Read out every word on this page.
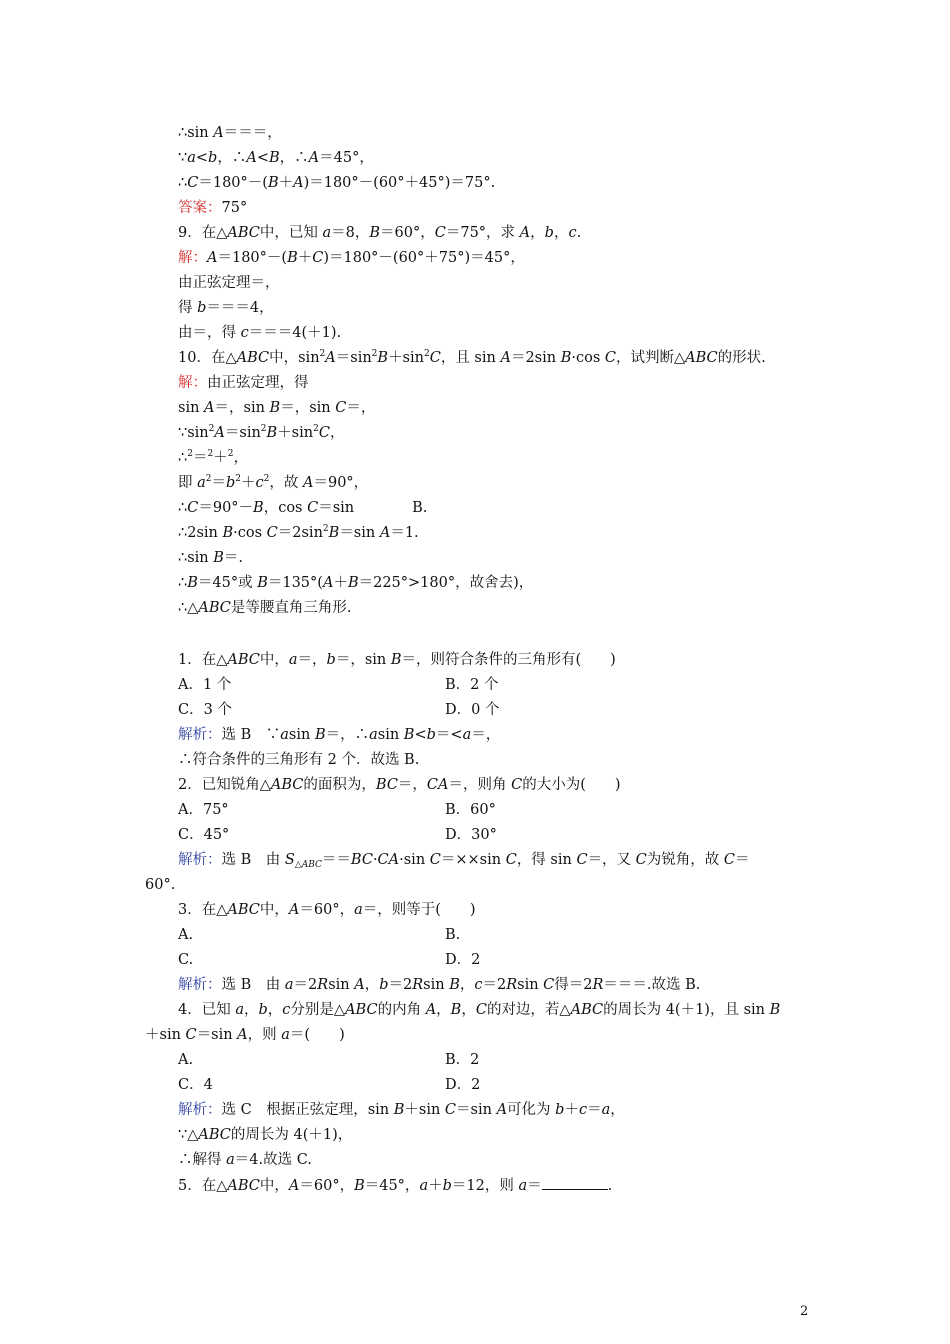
∴sin A＝＝＝，
∵a<b，∴A<B，∴A＝45°，
∴C＝180°－(B＋A)＝180°－(60°＋45°)＝75°.
答案：75°
9．在△ABC中，已知 a＝8，B＝60°，C＝75°，求 A，b，c.
解：A＝180°－(B＋C)＝180°－(60°＋75°)＝45°，
由正弦定理＝，
得 b＝＝＝4，
由＝，得 c＝＝＝4(＋1).
10．在△ABC中，$\sin^2A=\sin^2B+\sin^2C$，且 sin A＝2sin B·cos C，试判断△ABC的形状.
解：由正弦定理，得
sin A＝，sin B＝，sin C＝，
$\because\sin^2A=\sin^2B+\sin^2C$，
∴$^2$＝$^2$＋$^2$，
即 $a^2=b^2+c^2$，故 A＝90°，
∴C＝90°－B，cos C＝sin　　　　B.
∴2sin B·cos $C=2\sin^2B=\sin$ A＝1.
∴sin B＝.
∴B＝45°或 B＝135°(A＋B＝225°>180°，故舍去)，
∴△ABC是等腰直角三角形.
1．在△ABC中，a＝，b＝，sin B＝，则符合条件的三角形有(　　)
A．1 个	B．2 个
C．3 个	D．0 个
解析：选 B　∵asin B＝，∴asin B<b＝<a＝，
∴符合条件的三角形有 2 个．故选 B.
2．已知锐角△ABC的面积为，BC＝，CA＝，则角 C的大小为(　　)
A．75°	B．60°
C．45°	D．30°
解析：选 B　由 $S_{\triangle ABC}==BC\cdot CA\cdot\sin$ C＝××sin C，得 sin C＝，又 C为锐角，故 C＝
60°.
3．在△ABC中，A＝60°，a＝，则等于(　　)
A.	B.
C.	D．2
解析：选 B　由 a＝2Rsin A，b＝2Rsin B，c＝2Rsin C得＝2R＝＝＝.故选 B.
4．已知 a，b，c分别是△ABC的内角 A，B，C的对边，若△ABC的周长为 4(＋1)，且 sin B
＋sin C＝sin A，则 a＝(　　)
A.	B．2
C．4	D．2
解析：选 C　根据正弦定理，sin B＋sin C＝sin A可化为 b＋c＝a，
∵△ABC的周长为 4(＋1)，
∴解得 a＝4.故选 C.
5．在△ABC中，A＝60°，B＝45°，a＋b＝12，则 a＝	.
2
